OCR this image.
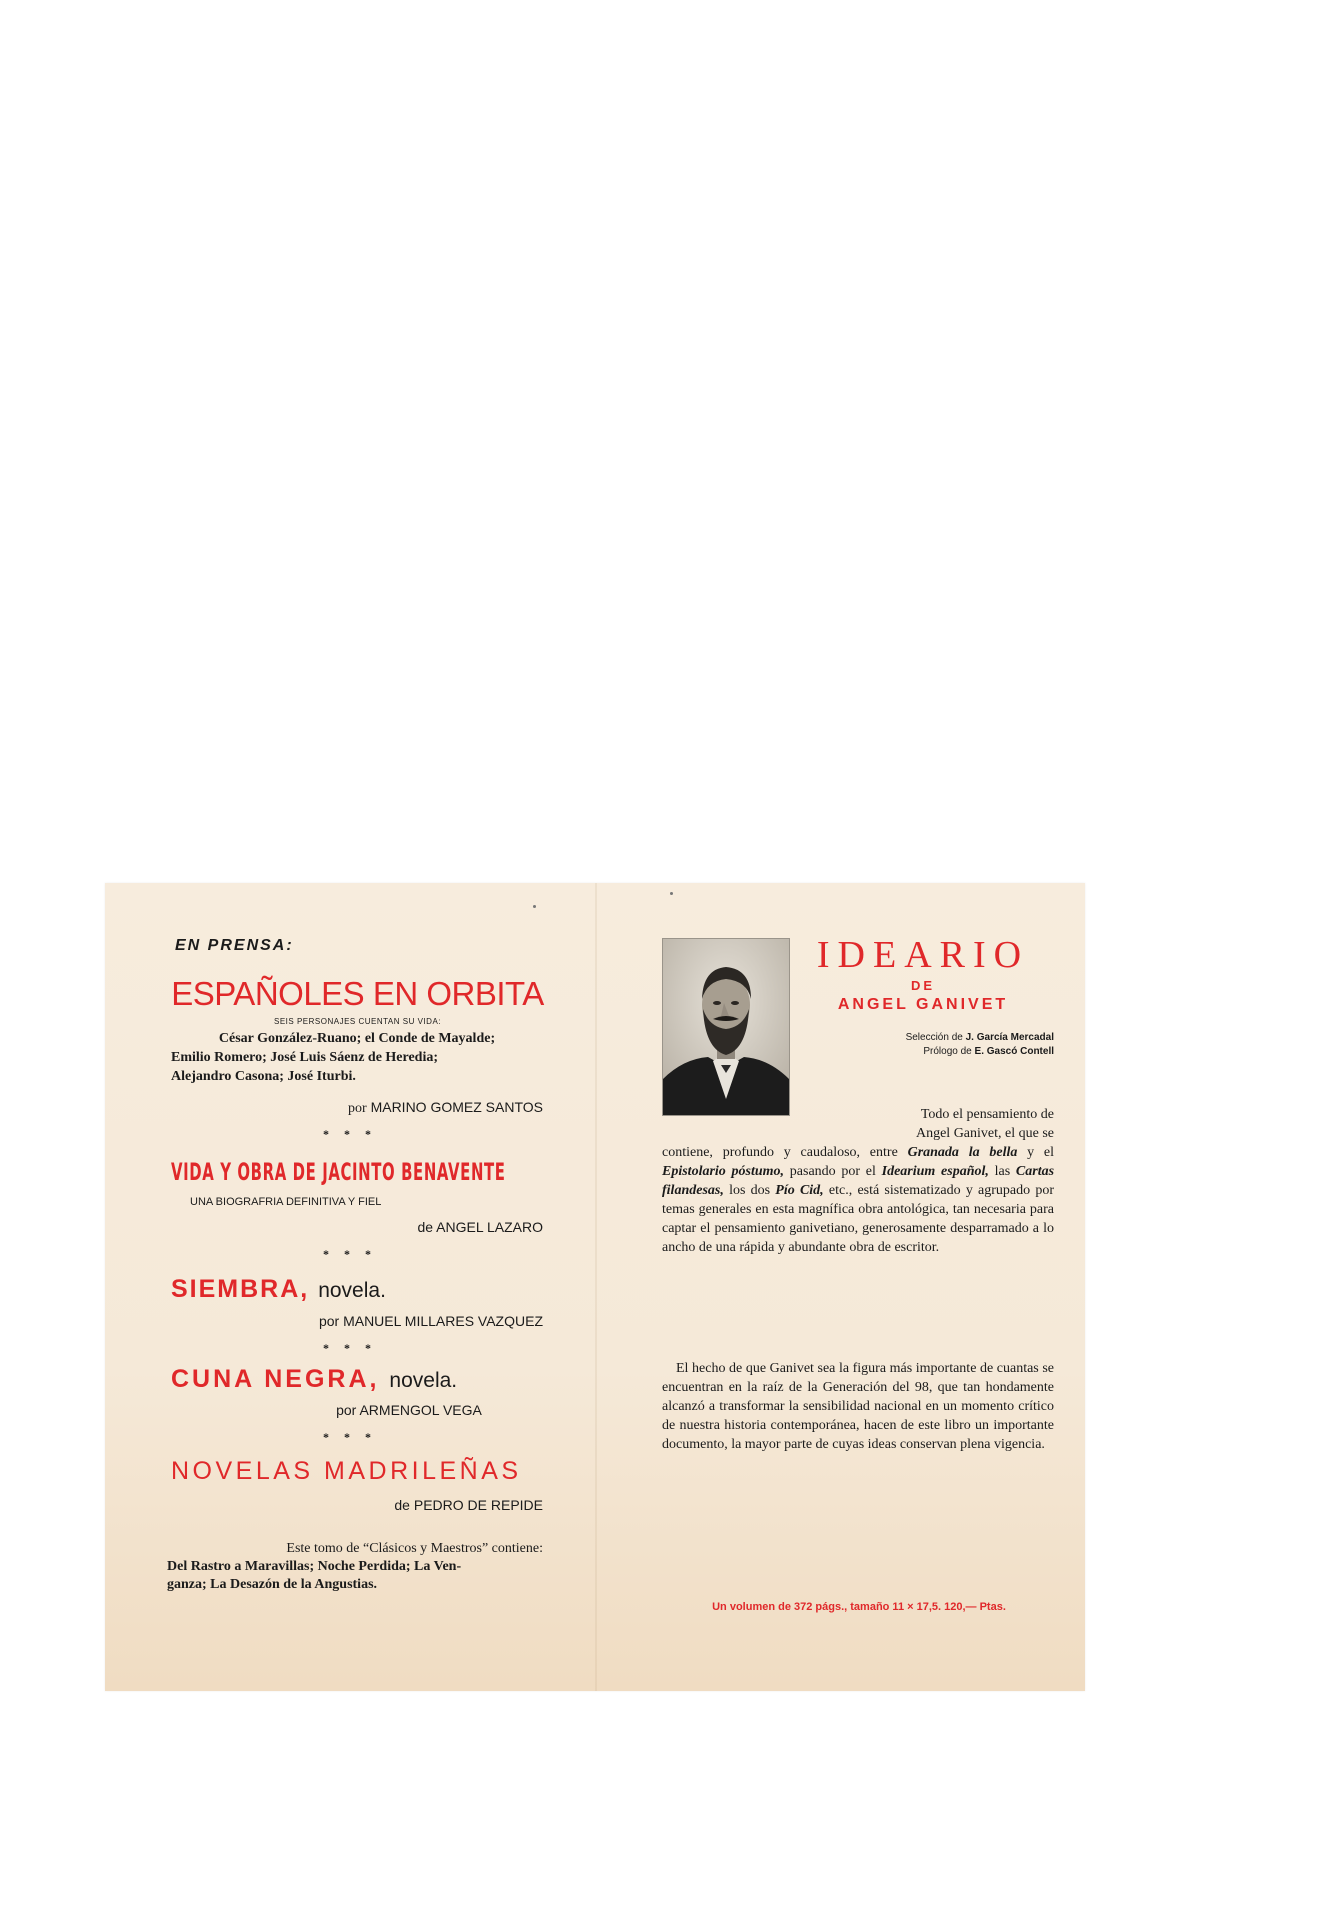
EN PRENSA:
ESPAÑOLES EN ORBITA
SEIS PERSONAJES CUENTAN SU VIDA:
César González-Ruano; el Conde de Mayalde;
Emilio Romero; José Luis Sáenz de Heredia;
Alejandro Casona; José Iturbi.
por MARINO GOMEZ SANTOS
* * *
VIDA Y OBRA DE JACINTO BENAVENTE
UNA BIOGRAFRIA DEFINITIVA Y FIEL
de ANGEL LAZARO
* * *
SIEMBRA, novela.
por MANUEL MILLARES VAZQUEZ
* * *
CUNA NEGRA, novela.
por ARMENGOL VEGA
* * *
NOVELAS MADRILEÑAS
de PEDRO DE REPIDE
Este tomo de “Clásicos y Maestros” contiene:
Del Rastro a Maravillas; Noche Perdida; La Ven-
ganza; La Desazón de la Angustias.
IDEARIO
DE
ANGEL GANIVET
Selección de J. García Mercadal
Prólogo de E. Gascó Contell
Todo el pensamiento de
Angel Ganivet, el que se
contiene, profundo y caudaloso, entre Granada la bella y el Epistolario póstumo, pasando por el Idearium español, las Cartas filandesas, los dos Pío Cid, etc., está sistematizado y agrupado por temas generales en esta magnífica obra antológica, tan necesaria para captar el pensamiento ganivetiano, generosamente desparramado a lo ancho de una rápida y abundante obra de escritor.
El hecho de que Ganivet sea la figura más importante de cuantas se encuentran en la raíz de la Generación del 98, que tan hondamente alcanzó a transformar la sensibilidad nacional en un momento crítico de nuestra historia contemporánea, hacen de este libro un importante documento, la mayor parte de cuyas ideas conservan plena vigencia.
Un volumen de 372 págs., tamaño 11 × 17,5. 120,— Ptas.
